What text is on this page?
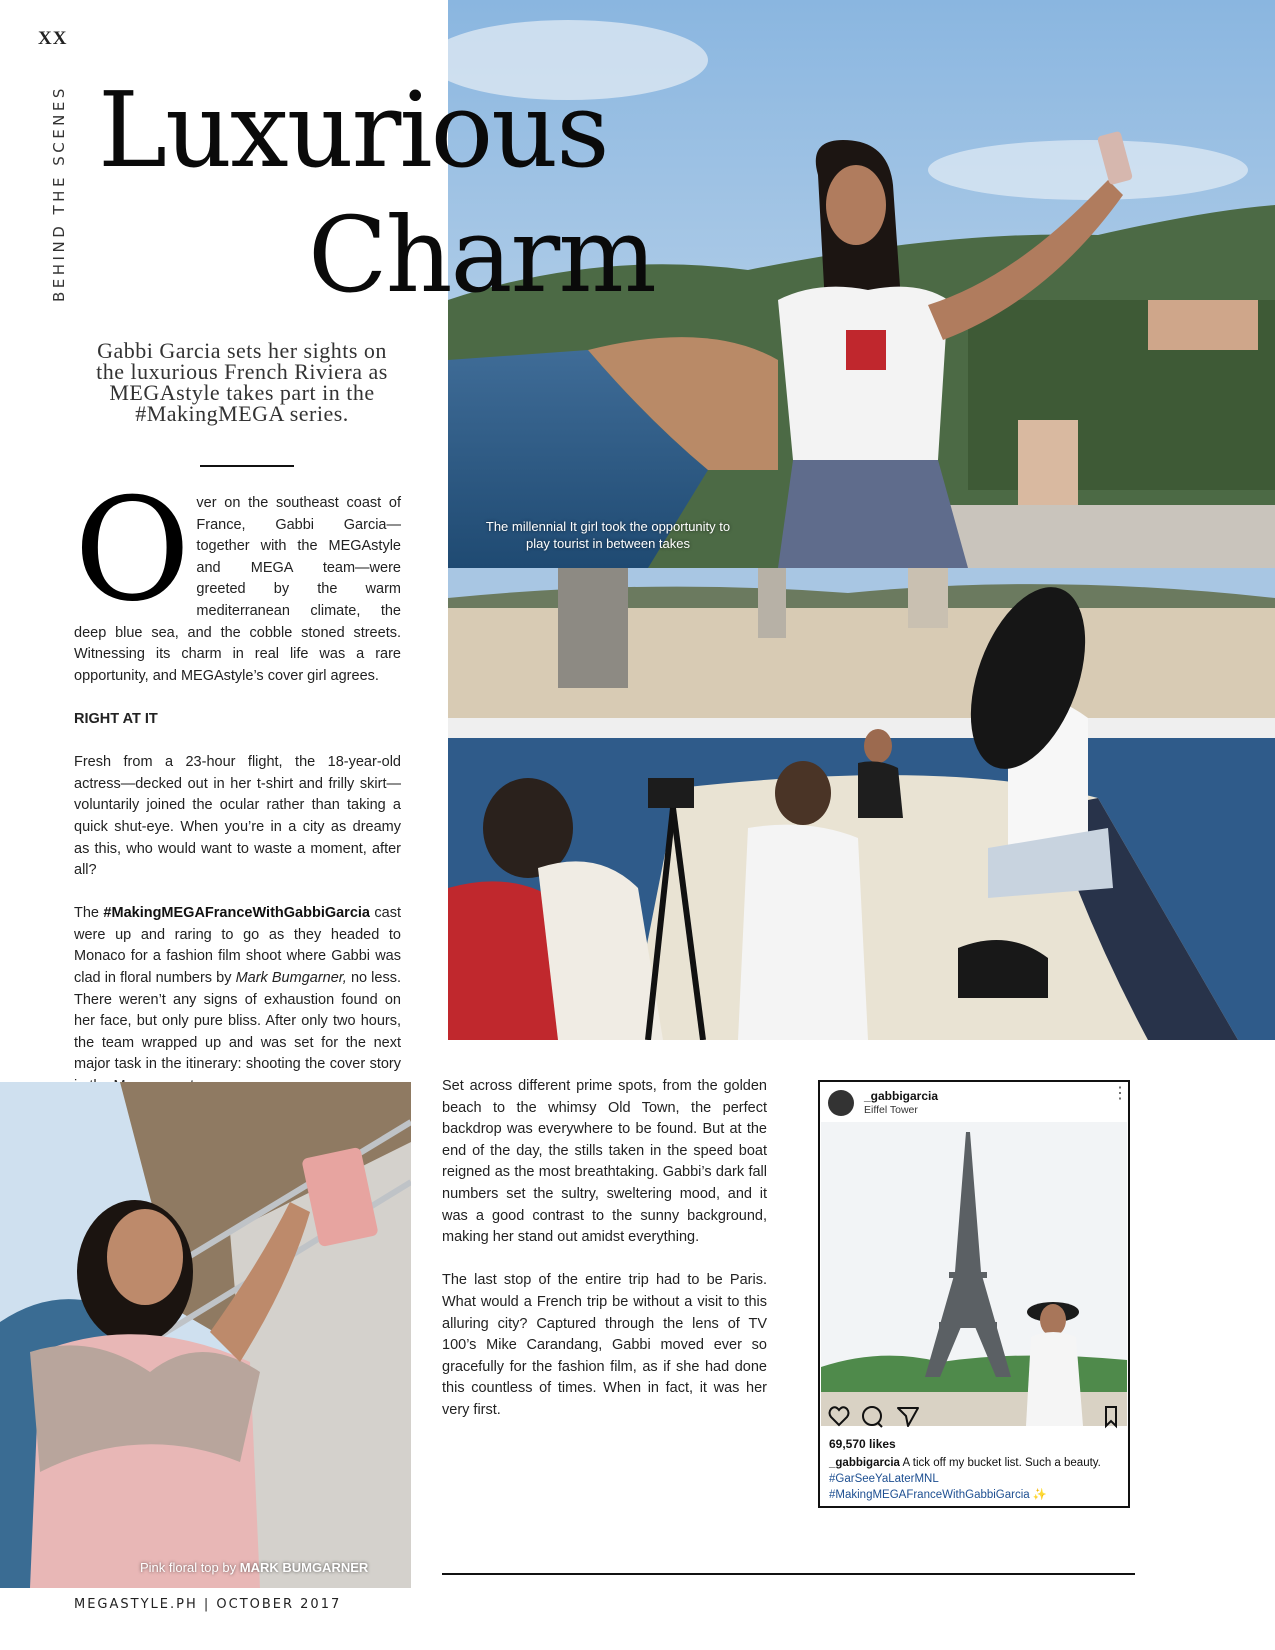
XX
BEHIND THE SCENES
The millennial It girl took the opportunity to play tourist in between takes
Luxurious
Charm
Gabbi Garcia sets her sights on the luxurious French Riviera as MEGAstyle takes part in the #MakingMEGA series.

Over on the southeast coast of France, Gabbi Garcia—together with the MEGAstyle and MEGA team—were greeted by the warm mediterranean climate, the deep blue sea, and the cobble stoned streets. Witnessing its charm in real life was a rare opportunity, and MEGAstyle’s cover girl agrees.

RIGHT AT IT

Fresh from a 23-hour flight, the 18-year-old actress—decked out in her t-shirt and frilly skirt—voluntarily joined the ocular rather than taking a quick shut-eye. When you’re in a city as dreamy as this, who would want to waste a moment, after all?

The #MakingMEGAFranceWithGabbiGarcia cast were up and raring to go as they headed to Monaco for a fashion film shoot where Gabbi was clad in floral numbers by Mark Bumgarner, no less. There weren’t any signs of exhaustion found on her face, but only pure bliss. After only two hours, the team wrapped up and was set for the next major task in the itinerary: shooting the cover story

Pink floral top by MARK BUMGARNER

Set across different prime spots, from the golden beach to the whimsy Old Town, the perfect backdrop was everywhere to be found. But at the end of the day, the stills taken in the speed boat reigned as the most breathtaking. Gabbi’s dark fall numbers set the sultry, sweltering mood, and it was a good contrast to the sunny background, making her stand out amidst everything.

The last stop of the entire trip had to be Paris. What would a French trip be without a visit to this alluring city? Captured through the lens of TV 100’s Mike Carandang, Gabbi moved ever so gracefully for the fashion film, as if she had done this countless of times. When in fact, it was her very first.

_gabbigarcia
Eiffel Tower
⋮
69,570 likes
_gabbigarcia A tick off my bucket list. Such a beauty.
#GarSeeYaLaterMNL
#MakingMEGAFranceWithGabbiGarcia ✨
MEGASTYLE.PH | OCTOBER 2017
